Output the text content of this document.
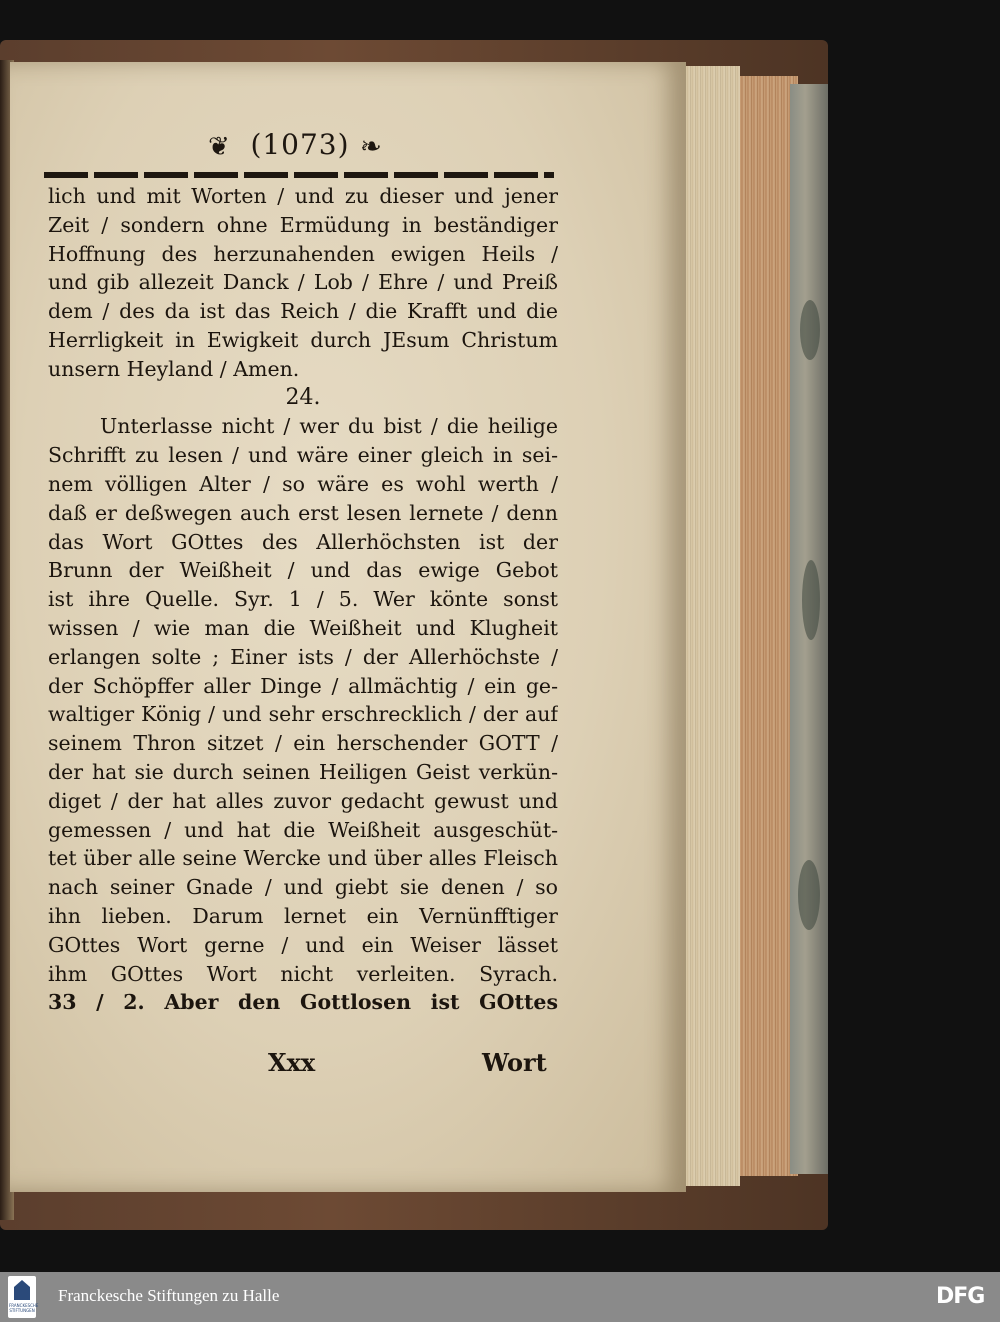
❦ (1073) ❧
lich und mit Worten / und zu dieser und jener
Zeit / sondern ohne Ermüdung in beständiger
Hoffnung des herzunahenden ewigen Heils /
und gib allezeit Danck / Lob / Ehre / und Preiß
dem / des da ist das Reich / die Krafft und die
Herrligkeit in Ewigkeit durch JEsum Christum
unsern Heyland / Amen.
24.
Unterlasse nicht / wer du bist / die heilige
Schrifft zu lesen / und wäre einer gleich in sei-
nem völligen Alter / so wäre es wohl werth /
daß er deßwegen auch erst lesen lernete / denn
das Wort GOttes des Allerhöchsten ist der
Brunn der Weißheit / und das ewige Gebot
ist ihre Quelle. Syr. 1 / 5. Wer könte sonst
wissen / wie man die Weißheit und Klugheit
erlangen solte ; Einer ists / der Allerhöchste /
der Schöpffer aller Dinge / allmächtig / ein ge-
waltiger König / und sehr erschrecklich / der auf
seinem Thron sitzet / ein herschender GOTT /
der hat sie durch seinen Heiligen Geist verkün-
diget / der hat alles zuvor gedacht gewust und
gemessen / und hat die Weißheit ausgeschüt-
tet über alle seine Wercke und über alles Fleisch
nach seiner Gnade / und giebt sie denen / so
ihn lieben. Darum lernet ein Vernünfftiger
GOttes Wort gerne / und ein Weiser lässet
ihm GOttes Wort nicht verleiten. Syrach.
33 / 2. Aber den Gottlosen ist GOttes
Xxx	Wort
FRANCKESCHE STIFTUNGEN
Franckesche Stiftungen zu Halle	DFG
